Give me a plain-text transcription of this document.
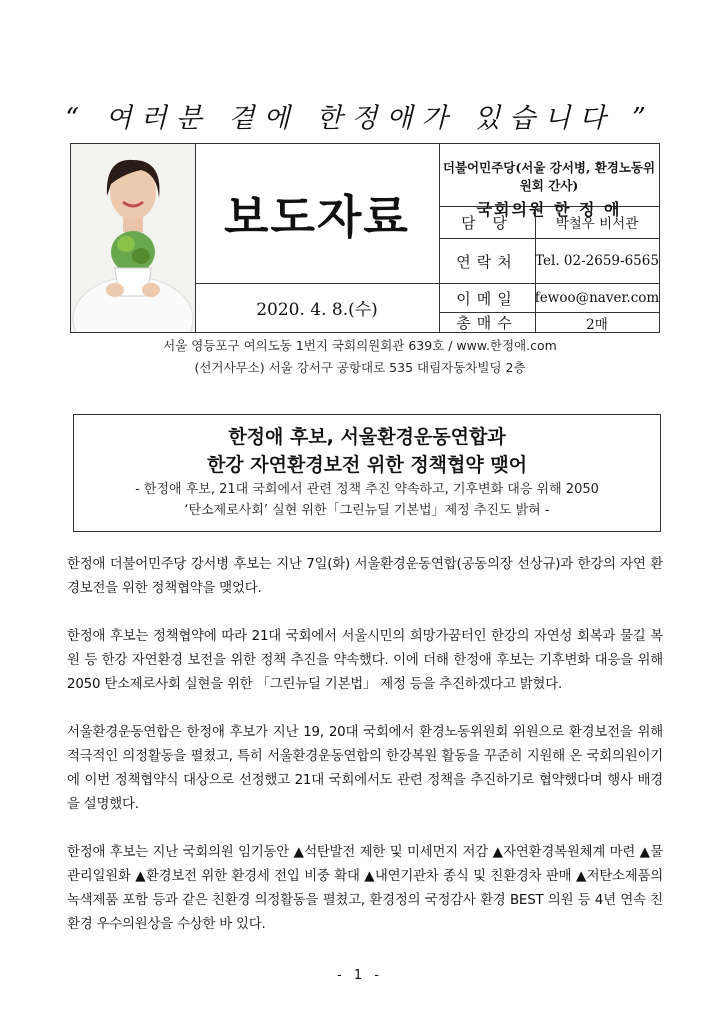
“ 여러분 곁에 한정애가 있습니다 ”
보도자료
2020. 4. 8.(수)
더불어민주당(서울 강서병, 환경노동위원회 간사)
국회의원 한 정 애
담 당	박철우 비서관
연락처	Tel. 02-2659-6565
이메일	fewoo@naver.com
총매수	2매
서울 영등포구 여의도동 1번지 국회의원회관 639호 / www.한정애.com
(선거사무소) 서울 강서구 공항대로 535 대림자동차빌딩 2층
한정애 후보, 서울환경운동연합과
한강 자연환경보전 위한 정책협약 맺어
- 한정애 후보, 21대 국회에서 관련 정책 추진 약속하고, 기후변화 대응 위해 2050
‘탄소제로사회’ 실현 위한「그린뉴딜 기본법」제정 추진도 밝혀 -
한정애 더불어민주당 강서병 후보는 지난 7일(화) 서울환경운동연합(공동의장 선상규)과 한강의 자연 환경보전을 위한 정책협약을 맺었다.
한정애 후보는 정책협약에 따라 21대 국회에서 서울시민의 희망가꿈터인 한강의 자연성 회복과 물길 복원 등 한강 자연환경 보전을 위한 정책 추진을 약속했다. 이에 더해 한정애 후보는 기후변화 대응을 위해 2050 탄소제로사회 실현을 위한 「그린뉴딜 기본법」 제정 등을 추진하겠다고 밝혔다.
서울환경운동연합은 한정애 후보가 지난 19, 20대 국회에서 환경노동위원회 위원으로 환경보전을 위해 적극적인 의정활동을 펼쳤고, 특히 서울환경운동연합의 한강복원 활동을 꾸준히 지원해 온 국회의원이기에 이번 정책협약식 대상으로 선정했고 21대 국회에서도 관련 정책을 추진하기로 협약했다며 행사 배경을 설명했다.
한정애 후보는 지난 국회의원 임기동안 ▲석탄발전 제한 및 미세먼지 저감 ▲자연환경복원체계 마련 ▲물관리일원화 ▲환경보전 위한 환경세 전입 비중 확대 ▲내연기관차 종식 및 친환경차 판매 ▲저탄소제품의 녹색제품 포함 등과 같은 친환경 의정활동을 펼쳤고, 환경정의 국정감사 환경 BEST 의원 등 4년 연속 친환경 우수의원상을 수상한 바 있다.
- 1 -
